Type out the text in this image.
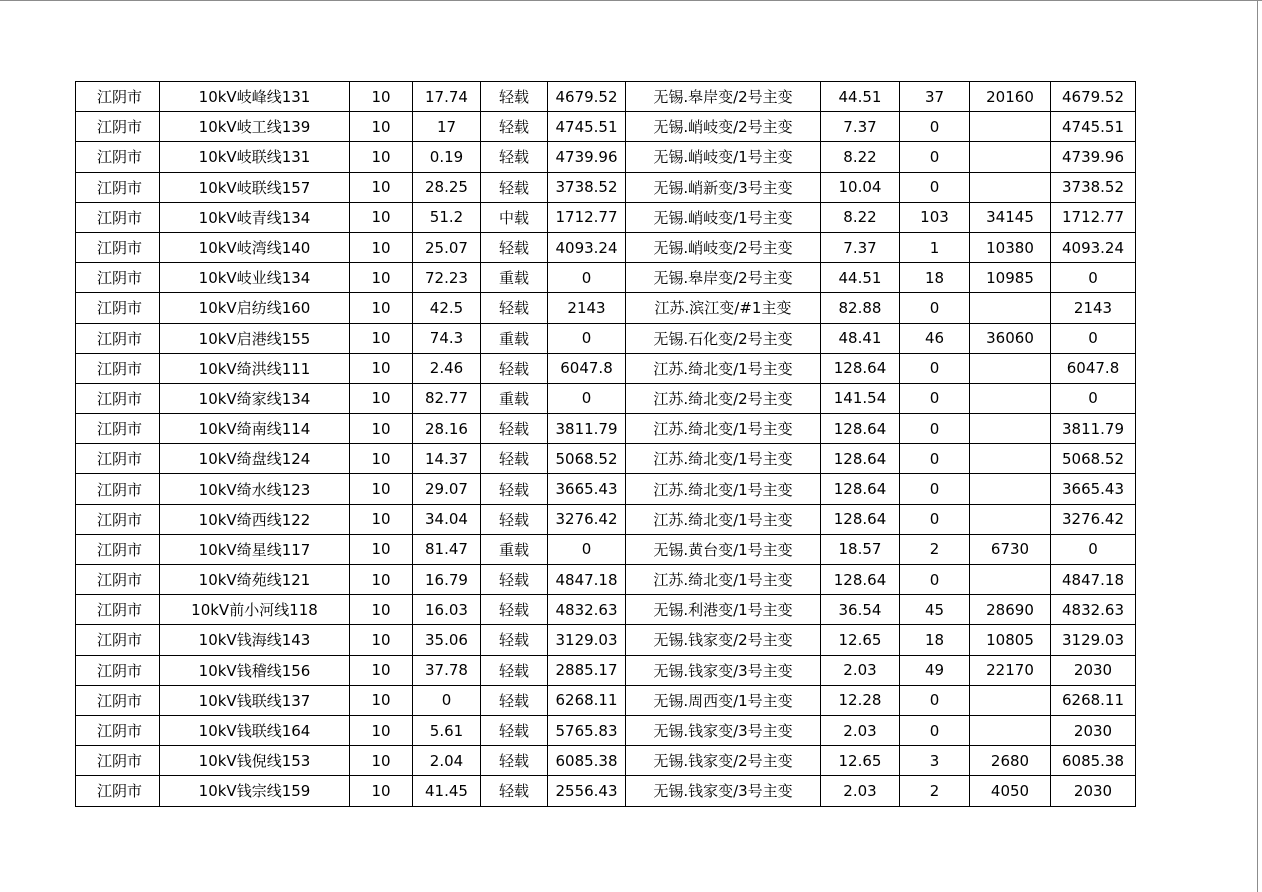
江阴市	10kV岐峰线131	10	17.74	轻载	4679.52	无锡.皋岸变/2号主变	44.51	37	20160	4679.52
江阴市	10kV岐工线139	10	17	轻载	4745.51	无锡.峭岐变/2号主变	7.37	0		4745.51
江阴市	10kV岐联线131	10	0.19	轻载	4739.96	无锡.峭岐变/1号主变	8.22	0		4739.96
江阴市	10kV岐联线157	10	28.25	轻载	3738.52	无锡.峭新变/3号主变	10.04	0		3738.52
江阴市	10kV岐青线134	10	51.2	中载	1712.77	无锡.峭岐变/1号主变	8.22	103	34145	1712.77
江阴市	10kV岐湾线140	10	25.07	轻载	4093.24	无锡.峭岐变/2号主变	7.37	1	10380	4093.24
江阴市	10kV岐业线134	10	72.23	重载	0	无锡.皋岸变/2号主变	44.51	18	10985	0
江阴市	10kV启纺线160	10	42.5	轻载	2143	江苏.滨江变/#1主变	82.88	0		2143
江阴市	10kV启港线155	10	74.3	重载	0	无锡.石化变/2号主变	48.41	46	36060	0
江阴市	10kV绮洪线111	10	2.46	轻载	6047.8	江苏.绮北变/1号主变	128.64	0		6047.8
江阴市	10kV绮家线134	10	82.77	重载	0	江苏.绮北变/2号主变	141.54	0		0
江阴市	10kV绮南线114	10	28.16	轻载	3811.79	江苏.绮北变/1号主变	128.64	0		3811.79
江阴市	10kV绮盘线124	10	14.37	轻载	5068.52	江苏.绮北变/1号主变	128.64	0		5068.52
江阴市	10kV绮水线123	10	29.07	轻载	3665.43	江苏.绮北变/1号主变	128.64	0		3665.43
江阴市	10kV绮西线122	10	34.04	轻载	3276.42	江苏.绮北变/1号主变	128.64	0		3276.42
江阴市	10kV绮星线117	10	81.47	重载	0	无锡.黄台变/1号主变	18.57	2	6730	0
江阴市	10kV绮苑线121	10	16.79	轻载	4847.18	江苏.绮北变/1号主变	128.64	0		4847.18
江阴市	10kV前小河线118	10	16.03	轻载	4832.63	无锡.利港变/1号主变	36.54	45	28690	4832.63
江阴市	10kV钱海线143	10	35.06	轻载	3129.03	无锡.钱家变/2号主变	12.65	18	10805	3129.03
江阴市	10kV钱稽线156	10	37.78	轻载	2885.17	无锡.钱家变/3号主变	2.03	49	22170	2030
江阴市	10kV钱联线137	10	0	轻载	6268.11	无锡.周西变/1号主变	12.28	0		6268.11
江阴市	10kV钱联线164	10	5.61	轻载	5765.83	无锡.钱家变/3号主变	2.03	0		2030
江阴市	10kV钱倪线153	10	2.04	轻载	6085.38	无锡.钱家变/2号主变	12.65	3	2680	6085.38
江阴市	10kV钱宗线159	10	41.45	轻载	2556.43	无锡.钱家变/3号主变	2.03	2	4050	2030
